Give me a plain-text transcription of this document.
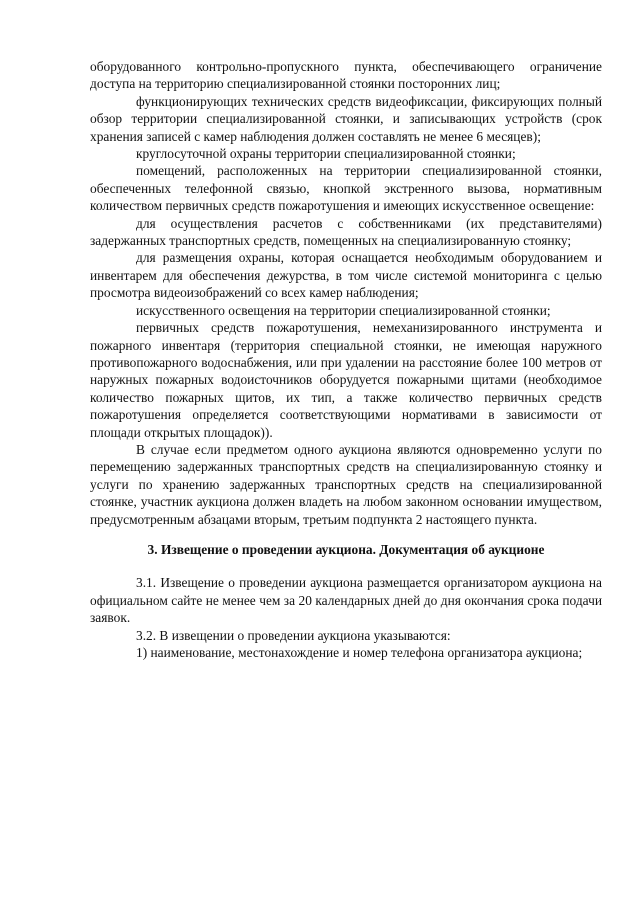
оборудованного контрольно-пропускного пункта, обеспечивающего ограничение доступа на территорию специализированной стоянки посторонних лиц;

функционирующих технических средств видеофиксации, фиксирующих полный обзор территории специализированной стоянки, и записывающих устройств (срок хранения записей с камер наблюдения должен составлять не менее 6 месяцев);

круглосуточной охраны территории специализированной стоянки;

помещений, расположенных на территории специализированной стоянки, обеспеченных телефонной связью, кнопкой экстренного вызова, нормативным количеством первичных средств пожаротушения и имеющих искусственное освещение:

для осуществления расчетов с собственниками (их представителями) задержанных транспортных средств, помещенных на специализированную стоянку;

для размещения охраны, которая оснащается необходимым оборудованием и инвентарем для обеспечения дежурства, в том числе системой мониторинга с целью просмотра видеоизображений со всех камер наблюдения;

искусственного освещения на территории специализированной стоянки;

первичных средств пожаротушения, немеханизированного инструмента и пожарного инвентаря (территория специальной стоянки, не имеющая наружного противопожарного водоснабжения, или при удалении на расстояние более 100 метров от наружных пожарных водоисточников оборудуется пожарными щитами (необходимое количество пожарных щитов, их тип, а также количество первичных средств пожаротушения определяется соответствующими нормативами в зависимости от площади открытых площадок)).

В случае если предметом одного аукциона являются одновременно услуги по перемещению задержанных транспортных средств на специализированную стоянку и услуги по хранению задержанных транспортных средств на специализированной стоянке, участник аукциона должен владеть на любом законном основании имуществом, предусмотренным абзацами вторым, третьим подпункта 2 настоящего пункта.

3. Извещение о проведении аукциона. Документация об аукционе

3.1. Извещение о проведении аукциона размещается организатором аукциона на официальном сайте не менее чем за 20 календарных дней до дня окончания срока подачи заявок.

3.2. В извещении о проведении аукциона указываются:

1) наименование, местонахождение и номер телефона организатора аукциона;
